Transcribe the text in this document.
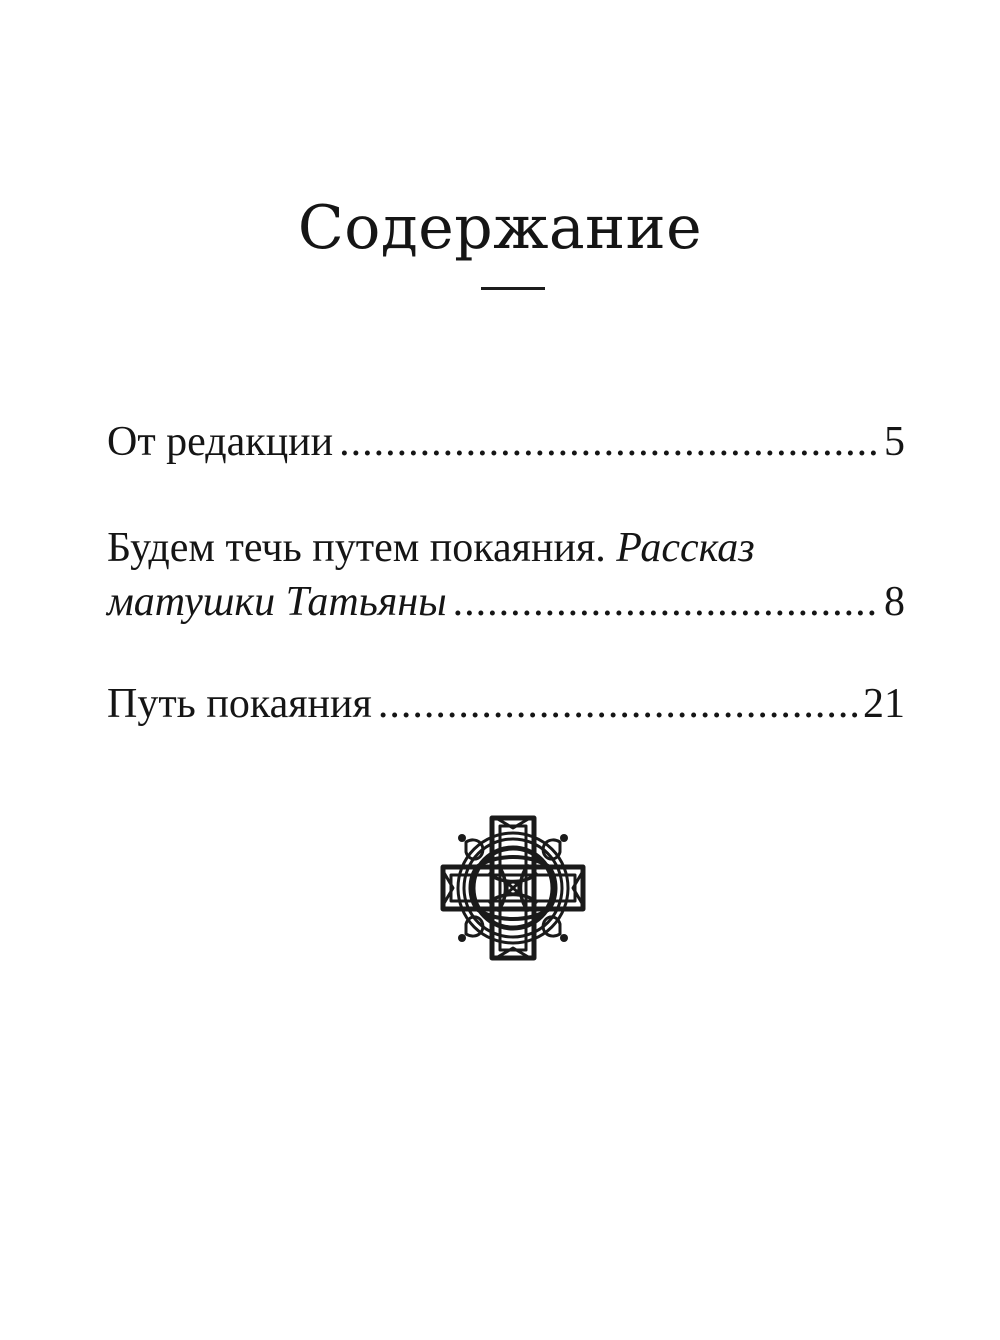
Содержание
От редакции .....	5
Будем течь путем покаяния. Рассказ
матушки Татьяны .....	8
Путь покаяния .....	21
